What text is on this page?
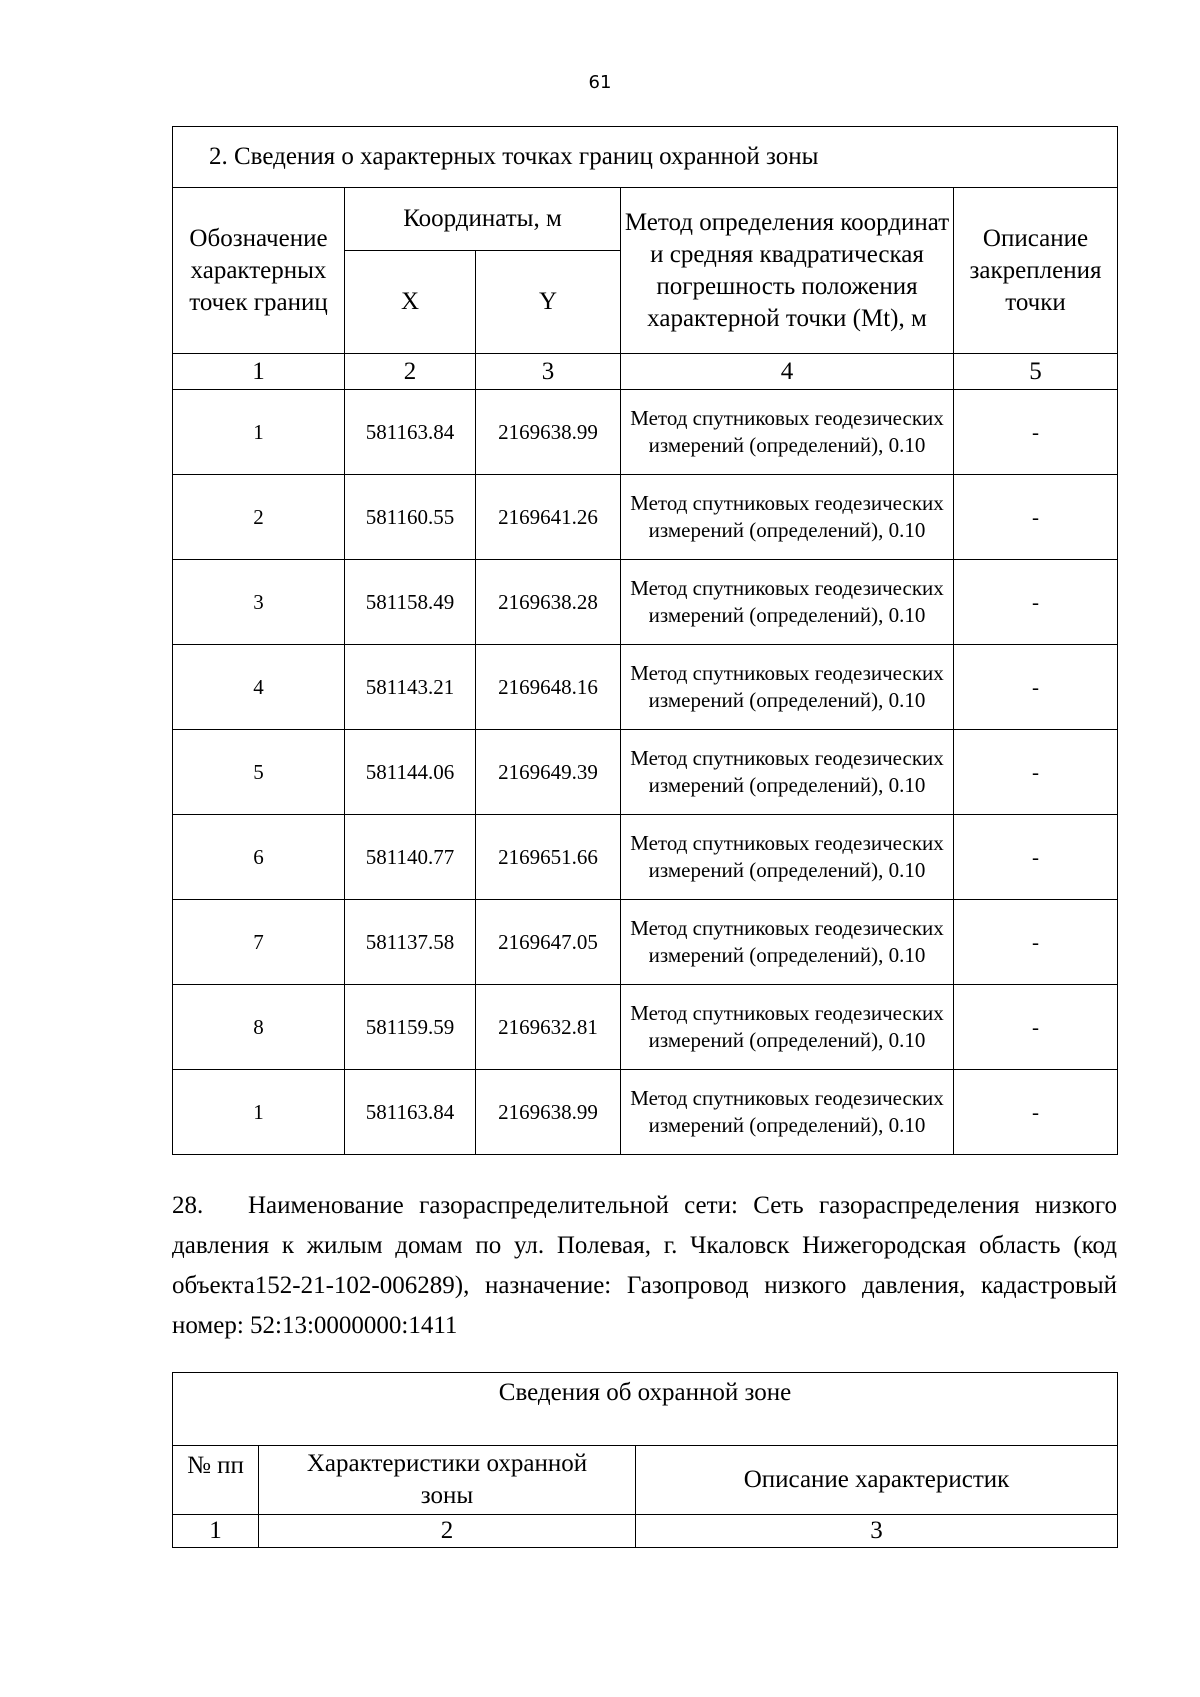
61
2. Сведения о характерных точках границ охранной зоны				
Обозначение характерных точек границ	Координаты, м		Метод определения координат и средняя квадратическая погрешность положения характерной точки (Mt), м	Описание закрепления точки
	X	Y		
1	2	3	4	5
1	581163.84	2169638.99	Метод спутниковых геодезических измерений (определений), 0.10	-
2	581160.55	2169641.26	Метод спутниковых геодезических измерений (определений), 0.10	-
3	581158.49	2169638.28	Метод спутниковых геодезических измерений (определений), 0.10	-
4	581143.21	2169648.16	Метод спутниковых геодезических измерений (определений), 0.10	-
5	581144.06	2169649.39	Метод спутниковых геодезических измерений (определений), 0.10	-
6	581140.77	2169651.66	Метод спутниковых геодезических измерений (определений), 0.10	-
7	581137.58	2169647.05	Метод спутниковых геодезических измерений (определений), 0.10	-
8	581159.59	2169632.81	Метод спутниковых геодезических измерений (определений), 0.10	-
1	581163.84	2169638.99	Метод спутниковых геодезических измерений (определений), 0.10	-

28. Наименование газораспределительной сети: Сеть газораспределения низкого давления к жилым домам по ул. Полевая, г. Чкаловск Нижегородская область (код объекта152-21-102-006289), назначение: Газопровод низкого давления, кадастровый номер: 52:13:0000000:1411

Сведения об охранной зоне		
№ пп	Характеристики охранной зоны	Описание характеристик
1	2	3
